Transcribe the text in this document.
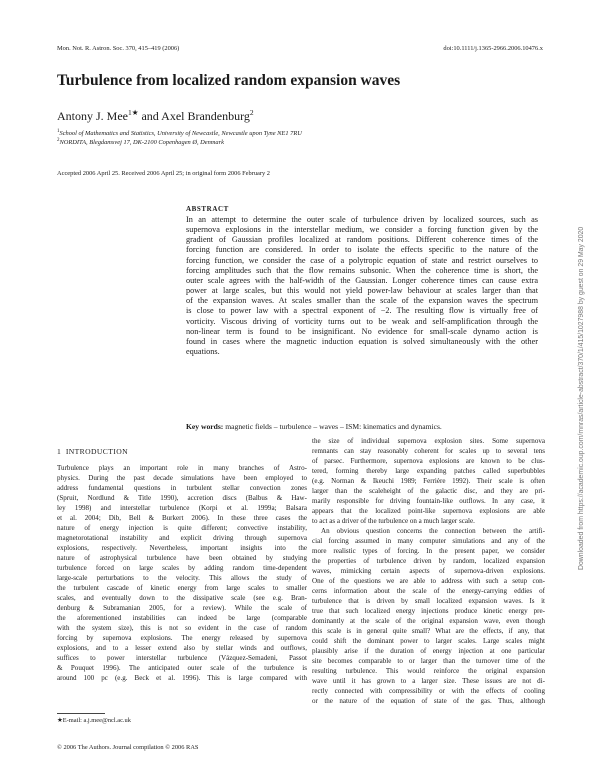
Mon. Not. R. Astron. Soc. 370, 415–419 (2006)	doi:10.1111/j.1365-2966.2006.10476.x
Turbulence from localized random expansion waves
Antony J. Mee$^{1★}$ and Axel Brandenburg$^2$
$^1$School of Mathematics and Statistics, University of Newcastle, Newcastle upon Tyne NE1 7RU
$^2$NORDITA, Blegdamsvej 17, DK-2100 Copenhagen Ø, Denmark
Accepted 2006 April 25. Received 2006 April 25; in original form 2006 February 2
ABSTRACT
In an attempt to determine the outer scale of turbulence driven by localized sources, such as
supernova explosions in the interstellar medium, we consider a forcing function given by the
gradient of Gaussian profiles localized at random positions. Different coherence times of the
forcing function are considered. In order to isolate the effects specific to the nature of the
forcing function, we consider the case of a polytropic equation of state and restrict ourselves to
forcing amplitudes such that the flow remains subsonic. When the coherence time is short, the
outer scale agrees with the half-width of the Gaussian. Longer coherence times can cause extra
power at large scales, but this would not yield power-law behaviour at scales larger than that
of the expansion waves. At scales smaller than the scale of the expansion waves the spectrum
is close to power law with a spectral exponent of −2. The resulting flow is virtually free of
vorticity. Viscous driving of vorticity turns out to be weak and self-amplification through the
non-linear term is found to be insignificant. No evidence for small-scale dynamo action is
found in cases where the magnetic induction equation is solved simultaneously with the other
equations.
Key words: magnetic fields – turbulence – waves – ISM: kinematics and dynamics.
1 INTRODUCTION
Turbulence plays an important role in many branches of Astro-
physics. During the past decade simulations have been employed to
address fundamental questions in turbulent stellar convection zones
(Spruit, Nordlund & Title 1990), accretion discs (Balbus & Haw-
ley 1998) and interstellar turbulence (Korpi et al. 1999a; Balsara
et al. 2004; Dib, Bell & Burkert 2006). In these three cases the
nature of energy injection is quite different; convective instability,
magnetorotational instability and explicit driving through supernova
explosions, respectively. Nevertheless, important insights into the
nature of astrophysical turbulence have been obtained by studying
turbulence forced on large scales by adding random time-dependent
large-scale perturbations to the velocity. This allows the study of
the turbulent cascade of kinetic energy from large scales to smaller
scales, and eventually down to the dissipative scale (see e.g. Bran-
denburg & Subramanian 2005, for a review). While the scale of
the aforementioned instabilities can indeed be large (comparable
with the system size), this is not so evident in the case of random
forcing by supernova explosions. The energy released by supernova
explosions, and to a lesser extend also by stellar winds and outflows,
suffices to power interstellar turbulence (Vázquez-Semadeni, Passot
& Pouquet 1996). The anticipated outer scale of the turbulence is
around 100 pc (e.g. Beck et al. 1996). This is large compared with
the size of individual supernova explosion sites. Some supernova
remnants can stay reasonably coherent for scales up to several tens
of parsec. Furthermore, supernova explosions are known to be clus-
tered, forming thereby large expanding patches called superbubbles
(e.g. Norman & Ikeuchi 1989; Ferrière 1992). Their scale is often
larger than the scaleheight of the galactic disc, and they are pri-
marily responsible for driving fountain-like outflows. In any case, it
appears that the localized point-like supernova explosions are able
to act as a driver of the turbulence on a much larger scale.
An obvious question concerns the connection between the artifi-
cial forcing assumed in many computer simulations and any of the
more realistic types of forcing. In the present paper, we consider
the properties of turbulence driven by random, localized expansion
waves, mimicking certain aspects of supernova-driven explosions.
One of the questions we are able to address with such a setup con-
cerns information about the scale of the energy-carrying eddies of
turbulence that is driven by small localized expansion waves. Is it
true that such localized energy injections produce kinetic energy pre-
dominantly at the scale of the original expansion wave, even though
this scale is in general quite small? What are the effects, if any, that
could shift the dominant power to larger scales. Large scales might
plausibly arise if the duration of energy injection at one particular
site becomes comparable to or larger than the turnover time of the
resulting turbulence. This would reinforce the original expansion
wave until it has grown to a larger size. These issues are not di-
rectly connected with compressibility or with the effects of cooling
or the nature of the equation of state of the gas. Thus, although
★E-mail: a.j.mee@ncl.ac.uk
© 2006 The Authors. Journal compilation © 2006 RAS
Downloaded from https://academic.oup.com/mnras/article-abstract/370/1/415/1027988 by guest on 29 May 2020
